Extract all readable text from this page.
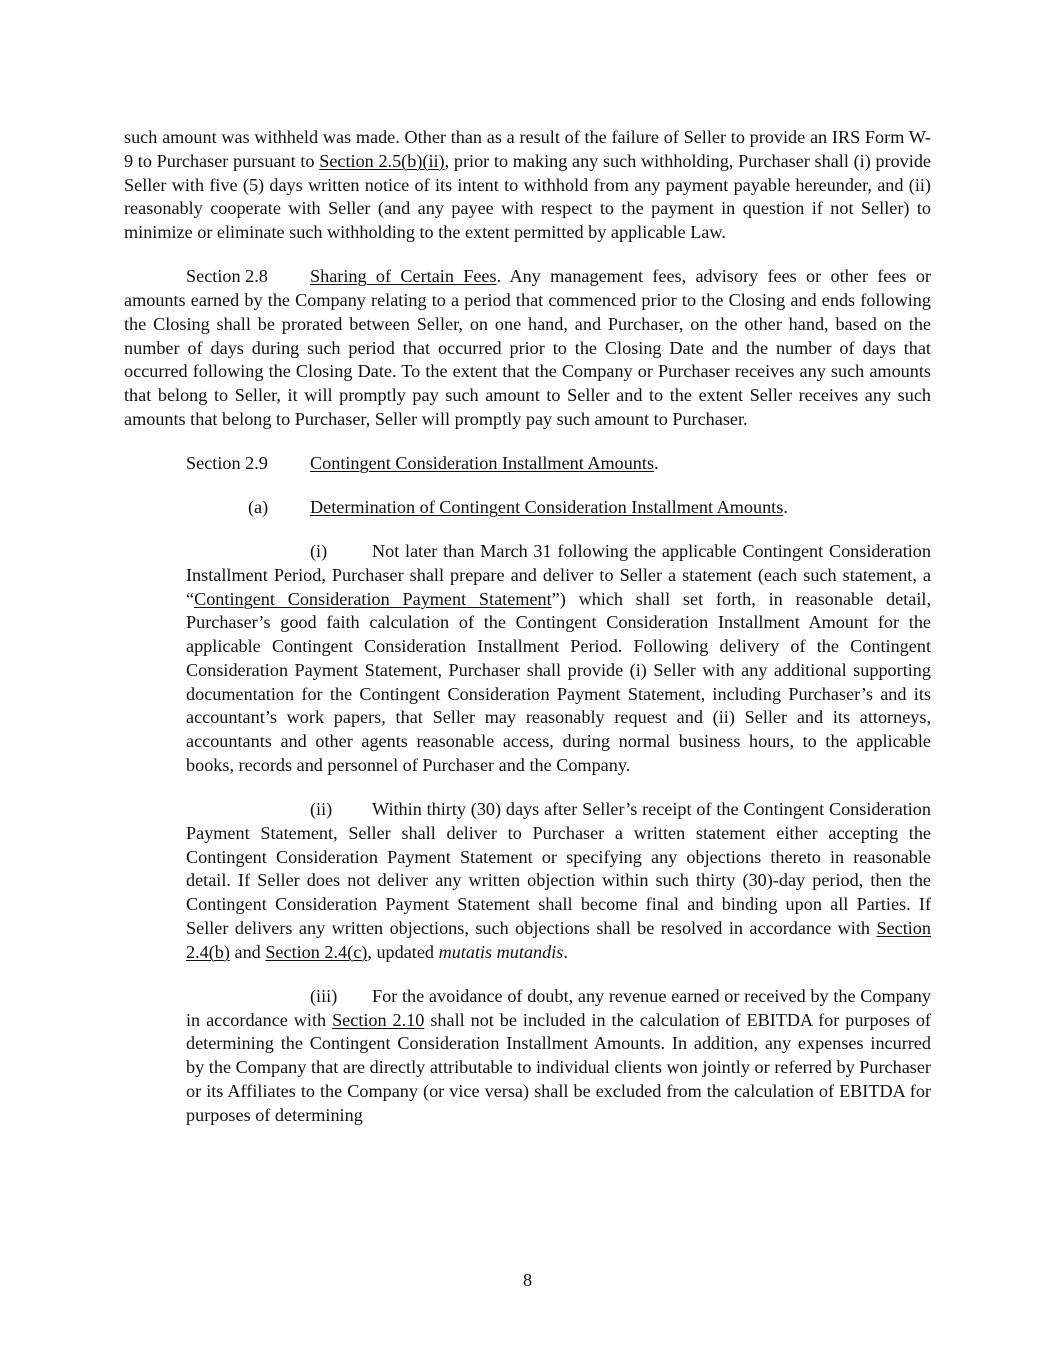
such amount was withheld was made. Other than as a result of the failure of Seller to provide an IRS Form W-9 to Purchaser pursuant to Section 2.5(b)(ii), prior to making any such withholding, Purchaser shall (i) provide Seller with five (5) days written notice of its intent to withhold from any payment payable hereunder, and (ii) reasonably cooperate with Seller (and any payee with respect to the payment in question if not Seller) to minimize or eliminate such withholding to the extent permitted by applicable Law.

Section 2.8 Sharing of Certain Fees. Any management fees, advisory fees or other fees or amounts earned by the Company relating to a period that commenced prior to the Closing and ends following the Closing shall be prorated between Seller, on one hand, and Purchaser, on the other hand, based on the number of days during such period that occurred prior to the Closing Date and the number of days that occurred following the Closing Date. To the extent that the Company or Purchaser receives any such amounts that belong to Seller, it will promptly pay such amount to Seller and to the extent Seller receives any such amounts that belong to Purchaser, Seller will promptly pay such amount to Purchaser.

Section 2.9 Contingent Consideration Installment Amounts.

(a) Determination of Contingent Consideration Installment Amounts.

(i) Not later than March 31 following the applicable Contingent Consideration Installment Period, Purchaser shall prepare and deliver to Seller a statement (each such statement, a “Contingent Consideration Payment Statement”) which shall set forth, in reasonable detail, Purchaser’s good faith calculation of the Contingent Consideration Installment Amount for the applicable Contingent Consideration Installment Period. Following delivery of the Contingent Consideration Payment Statement, Purchaser shall provide (i) Seller with any additional supporting documentation for the Contingent Consideration Payment Statement, including Purchaser’s and its accountant’s work papers, that Seller may reasonably request and (ii) Seller and its attorneys, accountants and other agents reasonable access, during normal business hours, to the applicable books, records and personnel of Purchaser and the Company.

(ii) Within thirty (30) days after Seller’s receipt of the Contingent Consideration Payment Statement, Seller shall deliver to Purchaser a written statement either accepting the Contingent Consideration Payment Statement or specifying any objections thereto in reasonable detail. If Seller does not deliver any written objection within such thirty (30)-day period, then the Contingent Consideration Payment Statement shall become final and binding upon all Parties. If Seller delivers any written objections, such objections shall be resolved in accordance with Section 2.4(b) and Section 2.4(c), updated mutatis mutandis.

(iii) For the avoidance of doubt, any revenue earned or received by the Company in accordance with Section 2.10 shall not be included in the calculation of EBITDA for purposes of determining the Contingent Consideration Installment Amounts. In addition, any expenses incurred by the Company that are directly attributable to individual clients won jointly or referred by Purchaser or its Affiliates to the Company (or vice versa) shall be excluded from the calculation of EBITDA for purposes of determining

8
